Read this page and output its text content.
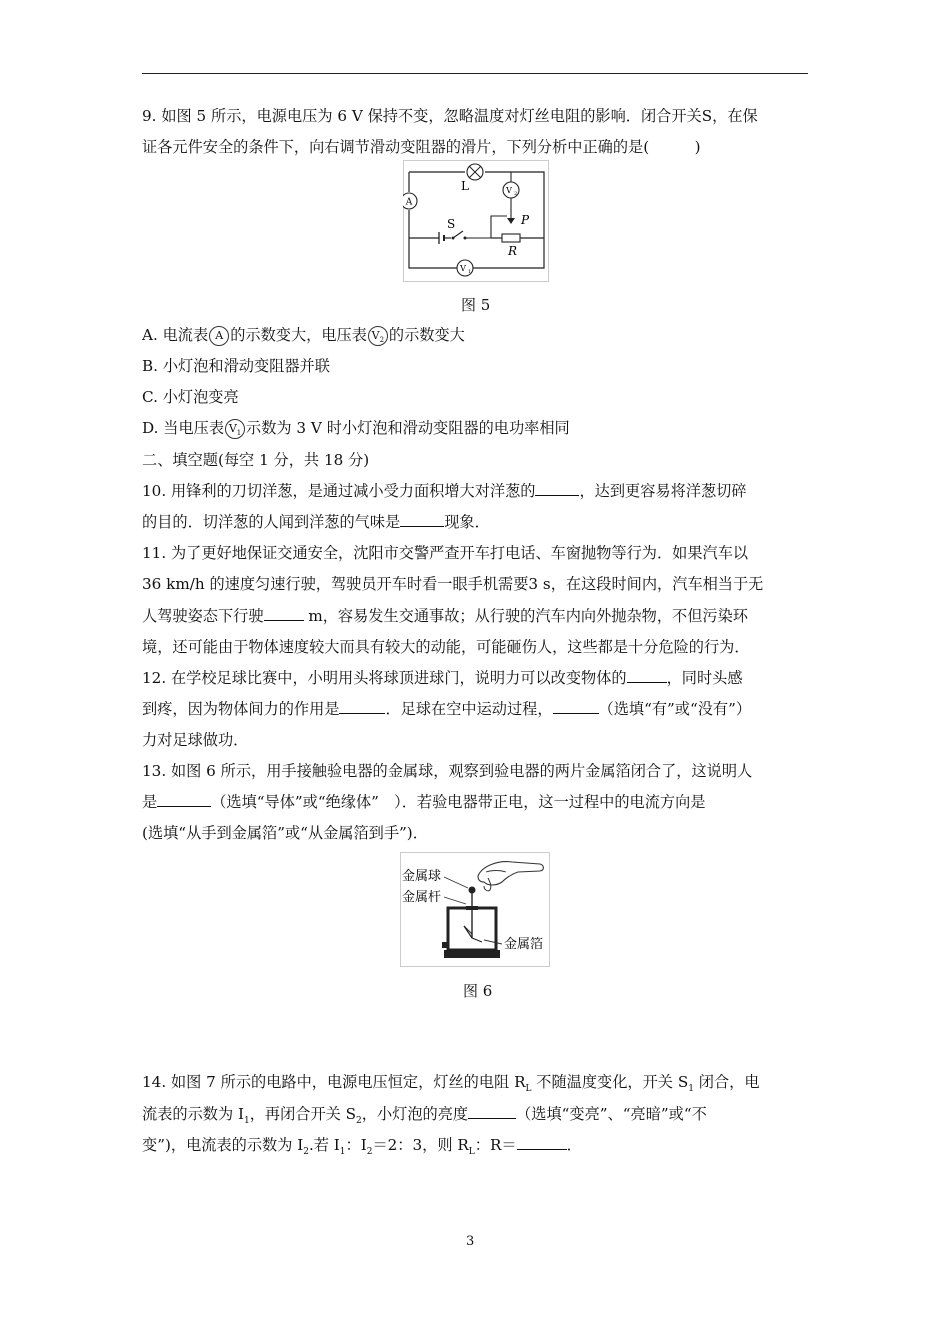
9. 如图 5 所示，电源电压为 6 V 保持不变，忽略温度对灯丝电阻的影响．闭合开关S，在保
证各元件安全的条件下，向右调节滑动变阻器的滑片，下列分析中正确的是(　　　)
A
L	V 2
P
S
R
V 1
图 5
A. 电流表 A 的示数变大，电压表 $V_2$ 的示数变大
B. 小灯泡和滑动变阻器并联
C. 小灯泡变亮
D. 当电压表 $V_1$ 示数为 3 V 时小灯泡和滑动变阻器的电功率相同
二、填空题(每空 1 分，共 18 分)
10. 用锋利的刀切洋葱，是通过减小受力面积增大对洋葱的	，达到更容易将洋葱切碎
的目的．切洋葱的人闻到洋葱的气味是	现象．
11. 为了更好地保证交通安全，沈阳市交警严查开车打电话、车窗抛物等行为．如果汽车以
36 km/h 的速度匀速行驶，驾驶员开车时看一眼手机需要3 s，在这段时间内，汽车相当于无
人驾驶姿态下行驶	m，容易发生交通事故；从行驶的汽车内向外抛杂物，不但污染环
境，还可能由于物体速度较大而具有较大的动能，可能砸伤人，这些都是十分危险的行为．
12. 在学校足球比赛中，小明用头将球顶进球门，说明力可以改变物体的	，同时头感
到疼，因为物体间力的作用是	．足球在空中运动过程，	（选填“有”或“没有”）
力对足球做功．
13. 如图 6 所示，用手接触验电器的金属球，观察到验电器的两片金属箔闭合了，这说明人
是	（选填“导体”或“绝缘体”　）．若验电器带正电，这一过程中的电流方向是
(选填“从手到金属箔”或“从金属箔到手”)．
金属球
金属杆
金属箔
图 6
14. 如图 7 所示的电路中，电源电压恒定，灯丝的电阻 $R_L$ 不随温度变化，开关 $S_1$ 闭合，电
流表的示数为 $I_1$，再闭合开关 $S_2$，小灯泡的亮度	（选填“变亮”、“亮暗”或“不
变”)，电流表的示数为 $I_2$.若 $I_1$：$I_2=2$：3，则 $R_L$：R＝	．
3
